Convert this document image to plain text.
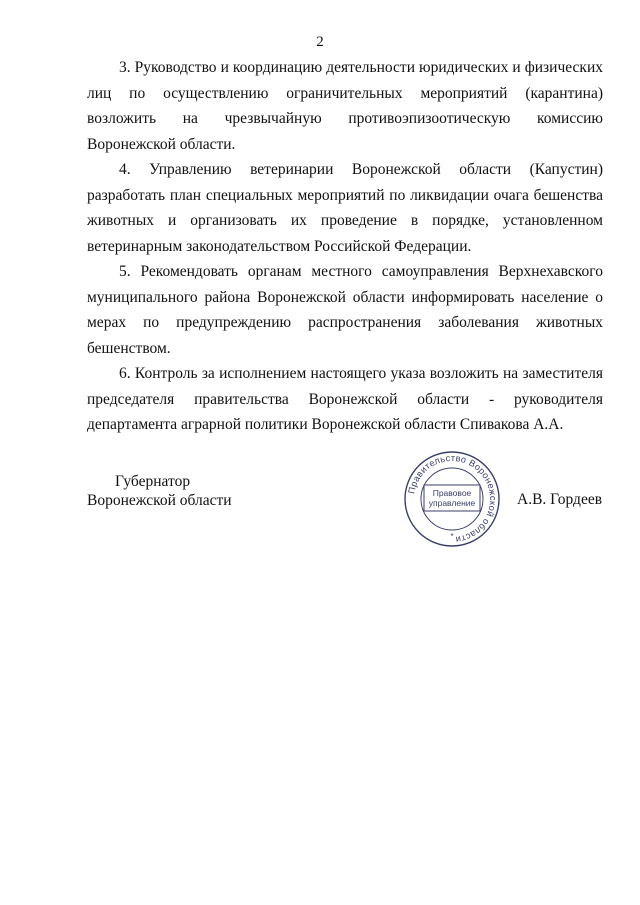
2

3. Руководство и координацию деятельности юридических и физических лиц по осуществлению ограничительных мероприятий (карантина) возложить на чрезвычайную противоэпизоотическую комиссию Воронежской области.

4. Управлению ветеринарии Воронежской области (Капустин) разработать план специальных мероприятий по ликвидации очага бешенства животных и организовать их проведение в порядке, установленном ветеринарным законодательством Российской Федерации.

5. Рекомендовать органам местного самоуправления Верхнехавского муниципального района Воронежской области информировать население о мерах по предупреждению распространения заболевания животных бешенством.

6. Контроль за исполнением настоящего указа возложить на заместителя председателя правительства Воронежской области - руководителя департамента аграрной политики Воронежской области Спивакова А.А.

Губернатор
Воронежской области
Правительство Воронежской области
Правовое
управление
*
А.В. Гордеев
